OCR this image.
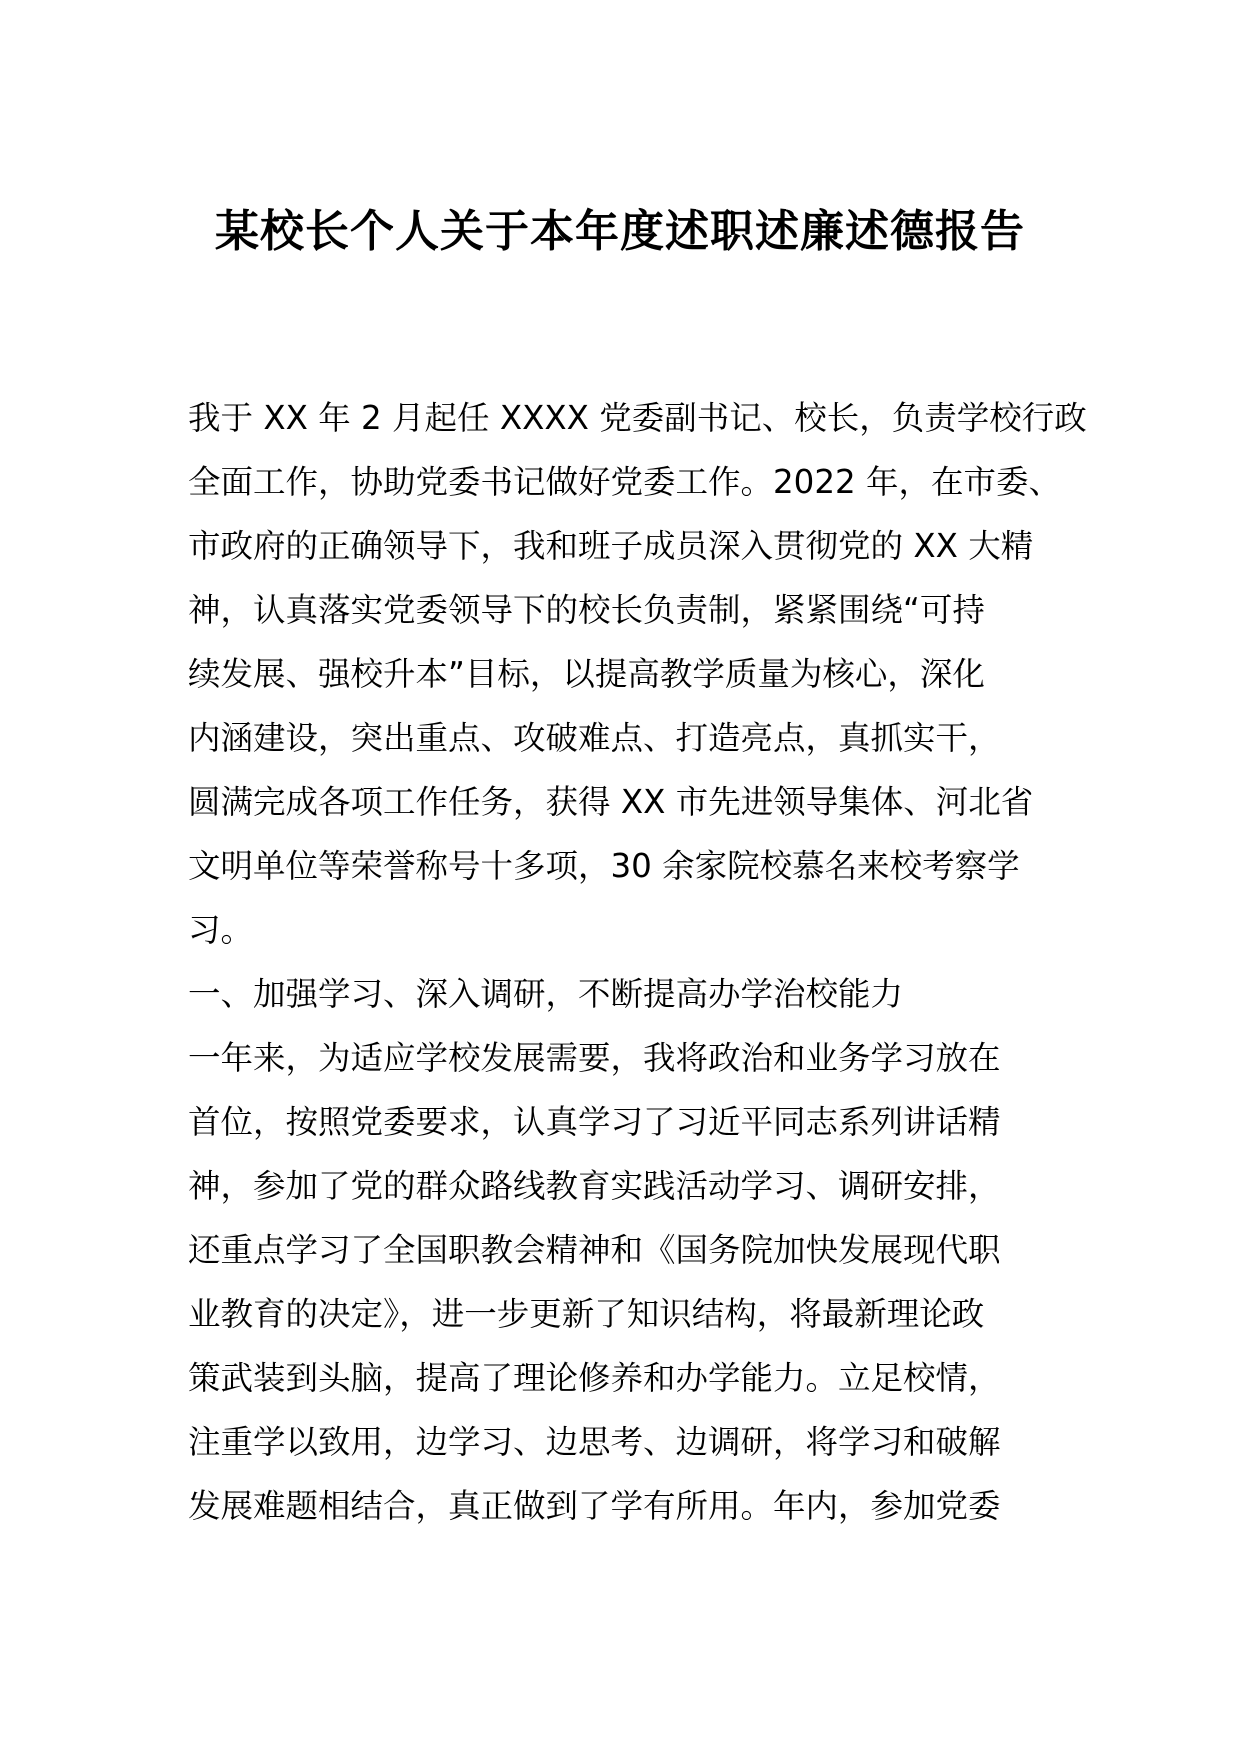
某校长个人关于本年度述职述廉述德报告
我于 XX 年 2 月起任 XXXX 党委副书记、校长，负责学校行政
全面工作，协助党委书记做好党委工作。2022 年，在市委、
市政府的正确领导下，我和班子成员深入贯彻党的 XX 大精
神，认真落实党委领导下的校长负责制，紧紧围绕“可持
续发展、强校升本”目标，以提高教学质量为核心，深化
内涵建设，突出重点、攻破难点、打造亮点，真抓实干，
圆满完成各项工作任务，获得 XX 市先进领导集体、河北省
文明单位等荣誉称号十多项，30 余家院校慕名来校考察学
习。
一、加强学习、深入调研，不断提高办学治校能力
一年来，为适应学校发展需要，我将政治和业务学习放在
首位，按照党委要求，认真学习了习近平同志系列讲话精
神，参加了党的群众路线教育实践活动学习、调研安排，
还重点学习了全国职教会精神和《国务院加快发展现代职
业教育的决定》，进一步更新了知识结构，将最新理论政
策武装到头脑，提高了理论修养和办学能力。立足校情，
注重学以致用，边学习、边思考、边调研，将学习和破解
发展难题相结合，真正做到了学有所用。年内，参加党委
